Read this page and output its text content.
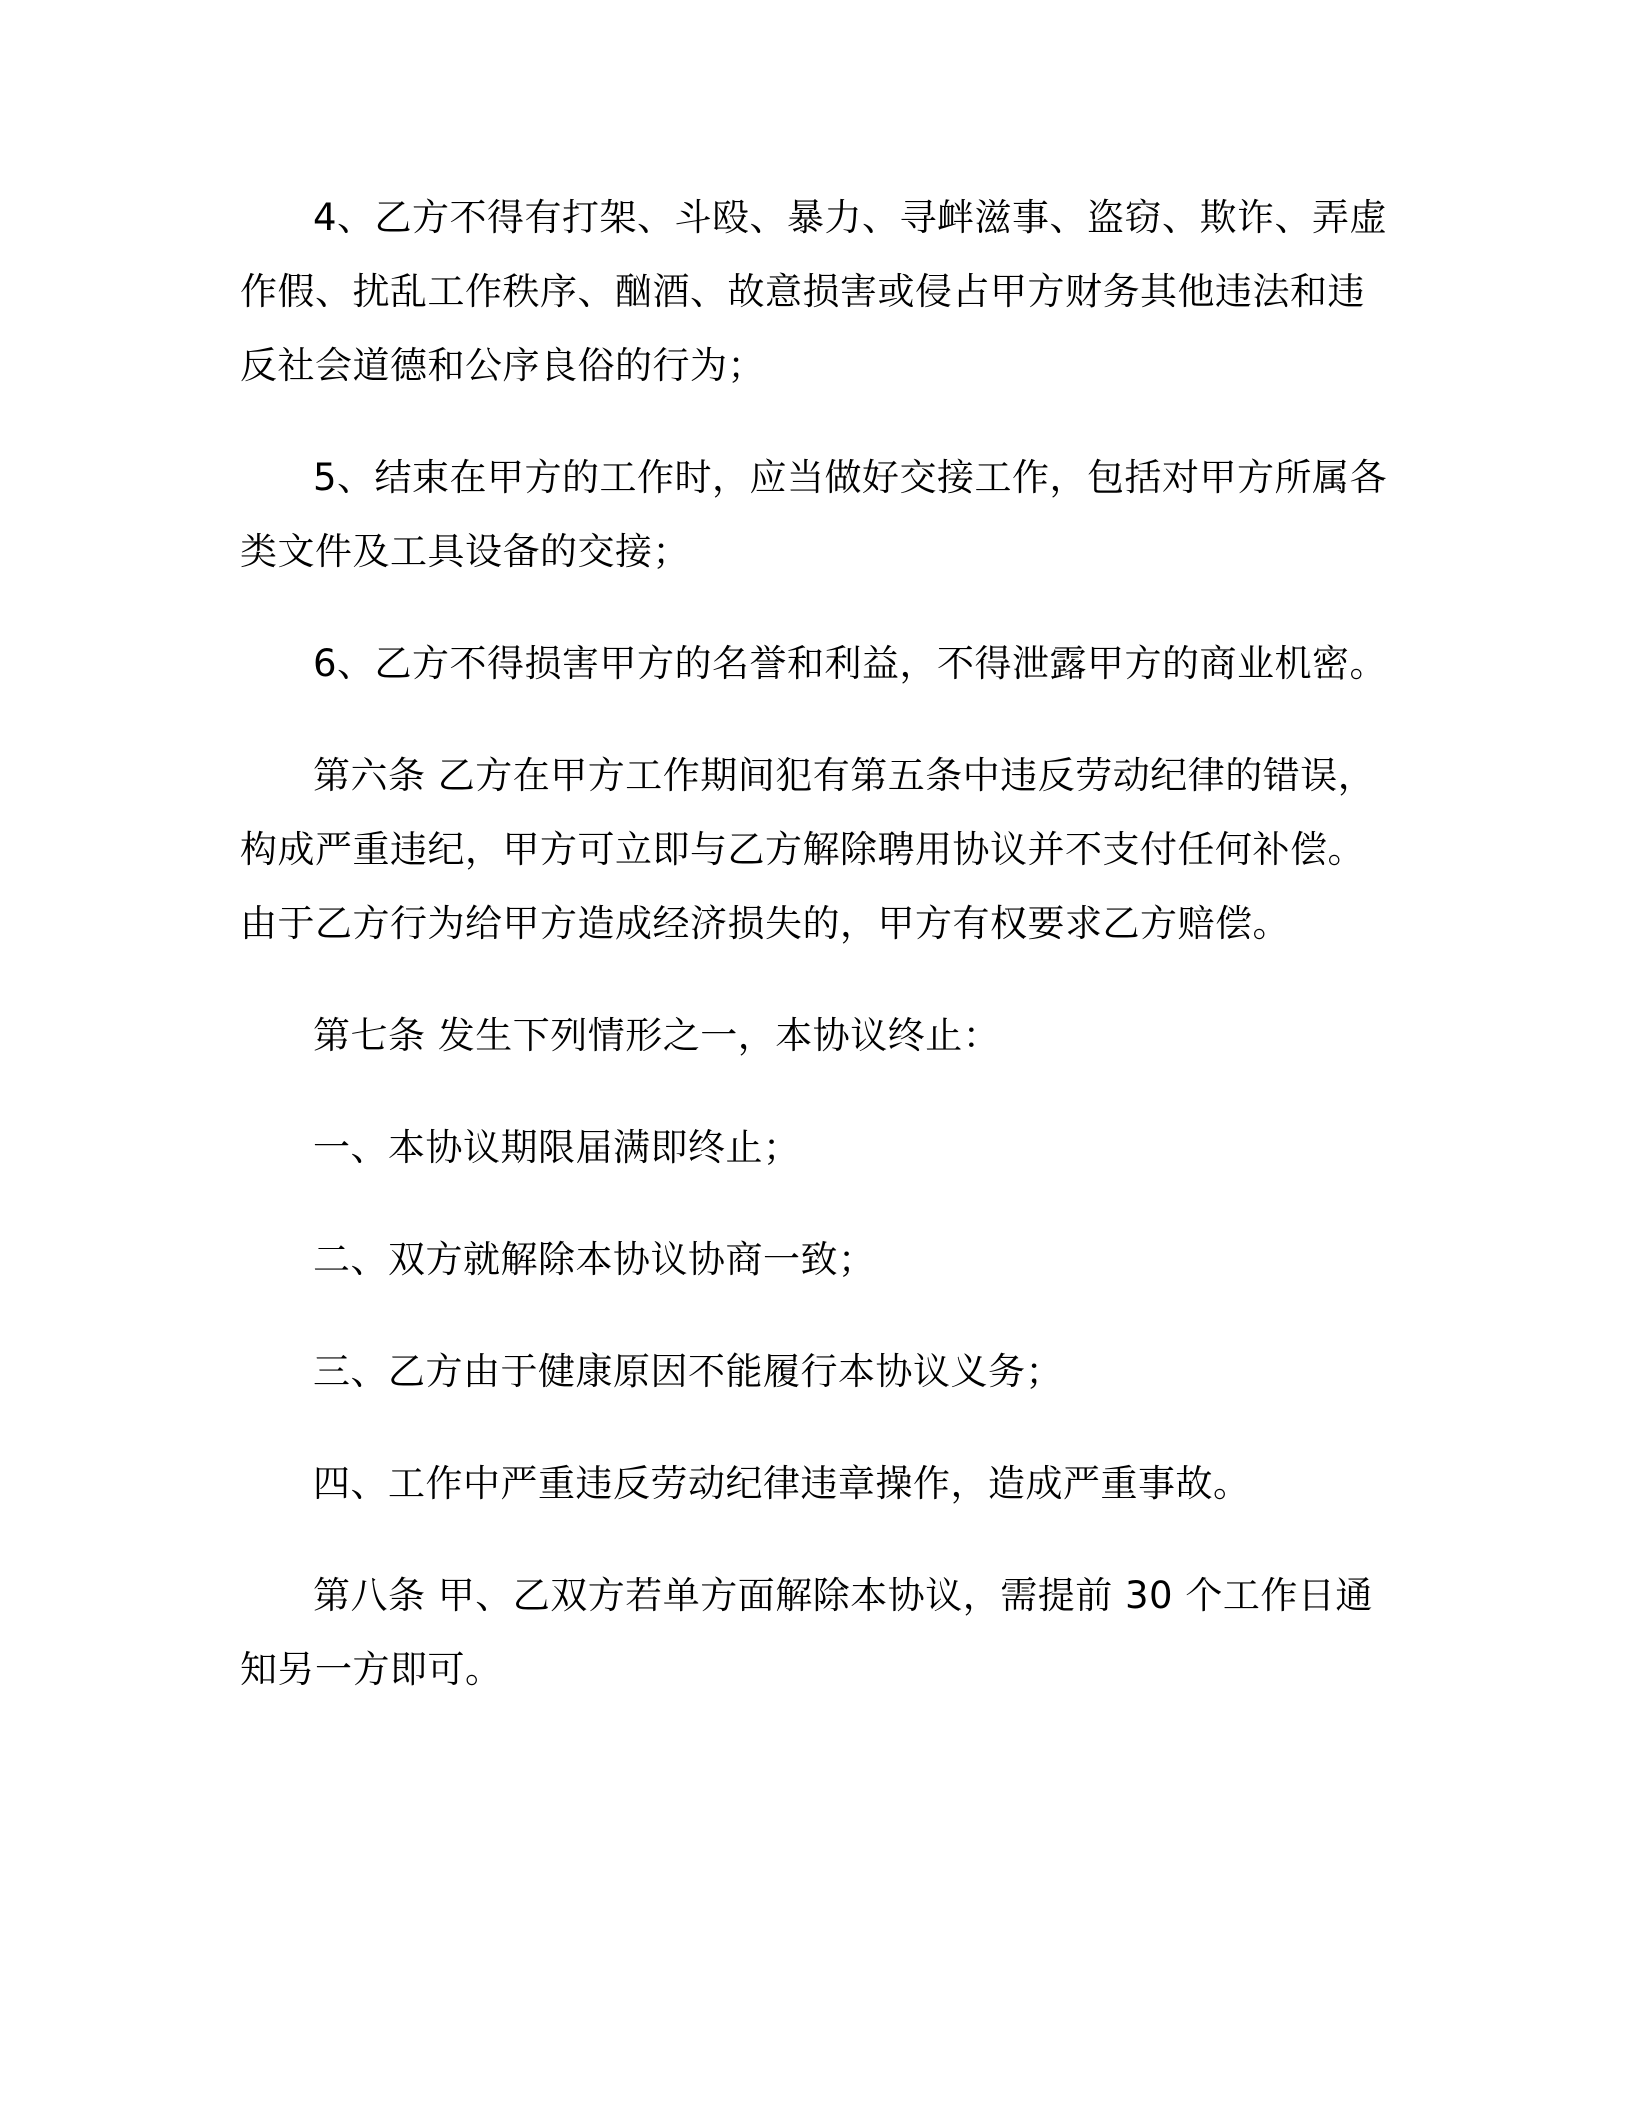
4、乙方不得有打架、斗殴、暴力、寻衅滋事、盗窃、欺诈、弄虚
作假、扰乱工作秩序、酗酒、故意损害或侵占甲方财务其他违法和违
反社会道德和公序良俗的行为；
5、结束在甲方的工作时，应当做好交接工作，包括对甲方所属各
类文件及工具设备的交接；
6、乙方不得损害甲方的名誉和利益，不得泄露甲方的商业机密。
第六条 乙方在甲方工作期间犯有第五条中违反劳动纪律的错误，
构成严重违纪，甲方可立即与乙方解除聘用协议并不支付任何补偿。
由于乙方行为给甲方造成经济损失的，甲方有权要求乙方赔偿。
第七条 发生下列情形之一，本协议终止：
一、本协议期限届满即终止；
二、双方就解除本协议协商一致；
三、乙方由于健康原因不能履行本协议义务；
四、工作中严重违反劳动纪律违章操作，造成严重事故。
第八条 甲、乙双方若单方面解除本协议，需提前 30 个工作日通
知另一方即可。
